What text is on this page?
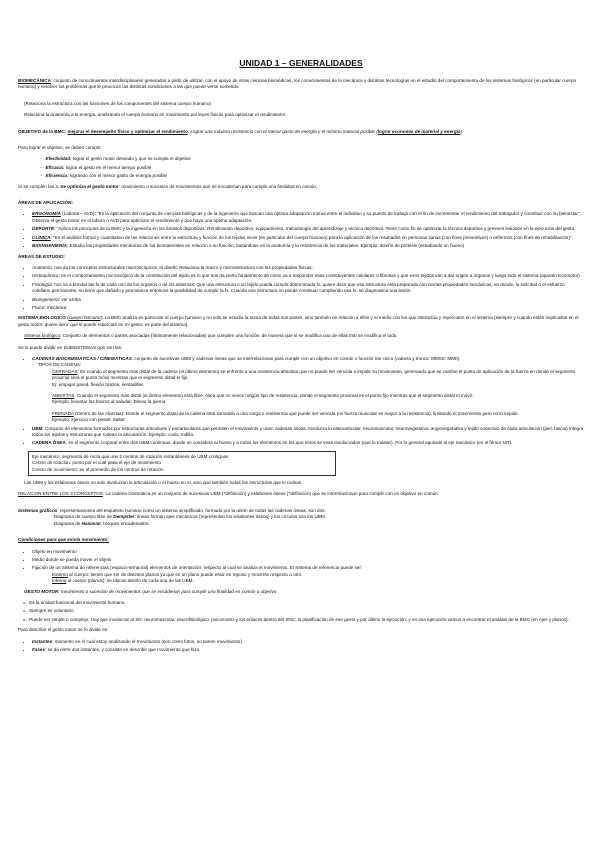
UNIDAD 1 – GENERALIDADES

BIOMECÁNICA: conjunto de conocimientos interdisciplinares generados a partir de utilizar, con el apoyo de otras ciencias biomédicas, los conocimientos de la mecánica y distintas tecnologías en el estudio del comportamiento de los sistemas biológicos (en particular cuerpo humano) y resolver los problemas que le provocan las distintas condiciones a las que puede verse sometido.

(Relaciona la estructura con las funciones de los componentes del sistema cuerpo humano)

Relaciona la anatomía a la energía, analizando el cuerpo humano en movimiento por leyes físicas para optimizar el rendimiento!

OBJETIVO de la BMC: mejorar el desempeño físico y optimizar el rendimiento: Lograr una máxima resistencia con el menor gasto de energía y el mínimo material posible (lograr economía de material y energía).

Para lograr el objetivo, se deben cumplir:

- Efectividad: lograr el gesto motor deseado y que se cumpla el objetivo
- Eficacia: lograr el gesto en el menor tiempo posible
- Eficiencia: logrando con el menor gasto de energía posible

Si se cumplen las 3, Se optimiza el gesto motor: movimiento o sucesión de movimientos que se encadenan para cumplir una finalidad en común.

ÁREAS DE APLICACIÓN:

• ERGONOMÍA (Laboral – AVD): "Es la aplicación del conjunto de ciencias biológicas y de la ingeniería que buscan una optima adaptación mutua entre el individuo y su puesto de trabajo con el fin de incrementar el rendimiento del trabajador y contribuir con su bienestar": Observa el gesto motor en el laburo o AVD para optimizar el rendimiento y que haya una optima adaptación.
• DEPORTE: "Aplica los principios de la BMC y la ingeniería en los ámbitos deportivos: Rendimiento deportivo, equipamiento, metodología del aprendizaje y técnica deportiva. Tiene como fin de optimizar la técnica deportiva y prevenir lesiones en la ejecución del gesto.
• CLÍNICA: "Es el análisis formal y cuantitativo de las relaciones entre la estructura y función de los tejidos vivos (en particular del cuerpo humano) para la aplicación de los resultados en personas sanas (con fines preventivos) o enfermos (con fines de rehabilitación)".
• BIOINGENIERÍA: Estudia las propiedades mecánicas de los biomateriales en relación a su función, basándose en la anatomía y la resistencia de los materiales. Ejemplo: diseño de prótesis (estudiando un hueso)

ÁREAS DE ESTUDIO:

• Anatomía: nos da los conceptos estructurales macroscópicos, el diseño Relaciona la macro y microestructura con las propiedades físicas.
• Histoquímica: es el comportamiento microscópico de la constitución del tejido es lo que nos da cierto fundamento de cómo va a responder esas constituyentes celulares o fibrosas y que esos tejidos van a dar origen a órganos y luego todo el sistema (aparato locomotor)
• Fisiología: nos va a brindar las fx de cada uno de los órganos o de los sistemas. Que una estructura o un tejido pueda cumplir determinada fx, quiere decir que esa estructura esta preparada con ciertas propiedades mecánicas, en donde, la solicitud o el esfuerzo cotidiano permanente, no tiene que dañarlo y permanece entonces la posibilidad de cumplir la fx. Cuando esa estructura no puede continuar cumpliendo esa fx, se diagnostica una lesión.
• Bioingeniería: ver arriba
• Física: mecánica

SISTEMA BIOLOGICO (cuerpo humano): La BMC analiza en particular al cuerpo humano y no solo se estudia la suma de todas sus partes, sino también en relación a ellos y el medio con los que interactúa y repercuten en el sistema (siempre y cuando estén implicados en el gesto motor: quiere decir que si puede repercutir en mi gesto, es parte del sistema).

Sistema biológico: Conjunto de elementos o partes asociadas (íntimamente relacionadas) que cumplen una función, de manera que si se modifica una de ellas tmb se modifica el todo.

Se lo puede dividir en SUBSISTEMAS que son las:

• CADENAS BIOCINEMÁTICAS / CINEMÁTICAS: conjunto de sucesivas UBM y cadenas óseas que se interrelacionan para cumplir con un objetivo en común o función Sin cinco (cabeza y tronco: MMSS; MMII).
TIPOS DE CADENA:
CERRADAS: Es cuando el segmento más distal de la cadena (el último elemento) se enfrenta a una resistencia absoluta que no puede ser vencida e impide su movimiento, generando que se cambie el punto de aplicación de la fuerza en donde el segmento proximal será el punto móvil mientras que el segmento distal el fijo.
Ej: empujar pared, flexión brazos, sentadillas
ABIERTAS: Cuando el segmento más distal (el último elemento) está libre, ósea que no vence ningún tipo de resistencia, donde el segmento proximal es el punto fijo mientras que el segmento distal el móvil.
Ejemplo: levantar los brazos al saludar: Elevar la pierna
FRENADA (Dentro de las Abiertas): Donde el segmento distal de la cadena está sometido a una carga o resistencia que puede ser vencida (mi fuerza muscular es mayor a la resistencia), limitando el movimiento pero no lo impide.
Ejemplo: ejercicio con pesas: Saltar
• UBM: Conjunto de elementos formados por estructuras articulares y periarticulares que permiten el movimiento y unen cadenas óseas. Involucra lo osteoarticular, neuromuscular, neurovegetativo, angiovegetativa y tejido conectivo de cada articulación (piel, fascia) Integra todos los tejidos y estructuras que rodean la articulación. Ejemplo: codo, rodilla.
• CADENA ÓSEA: es el segmento corporal entre dos UBM continuas, donde se considera al hueso y a todos los elementos en los que estos se vean involucrados (que lo rodean). Por lo general equivale al eje mecánico (en el fémur NO).
Eje mecánico: segmento de recta que une 2 centros de rotación instantáneos de UBM contiguas
Centro de rotación: punto por el cual pasa el eje de movimiento
Centro de movimiento: es el promedio de los centros de rotación.

Las UBM y los eslabones óseos no solo involucran la articulación o el hueso en sí, sino que también todas las estructuras que lo rodean.

RELACION ENTRE LOS 3 CONCEPTOS: La cadena cinemática es un conjunto de sucesivas UBM (*definición) y eslabones óseos (*definición) que se interrelacionan para cumplir con un objetivo en común.

Sistemas gráficos: representaciones del esqueleto humano como un sistema simplificado, formado por la unión de todas las cadenas óseas: son dos:
Diagrama de cuerpo libre de Dempster: líneas forman ejes mecánicos (representan los eslabones óseos) y los círculos son los UBM.
Diagrama de Hanavan: bloques encadenados.

Condiciones para que exista movimiento:

• Objeto en movimiento
• Medio donde se pueda mover el objeto
• Fijación de un Sistema de referencias (espacio-temporal) elementos de orientación: respecto al cual se analiza el movimiento. El sistema de referencia puede ser:
Externo al cuerpo: tienen que ser de distintos planos ya que en un plano puede estar en reposo y moverse respecto a otro.
Interno al cuerpo (planos): se ubican dentro de cada una de las UBM.

GESTO MOTOR: movimiento o sucesión de movimientos que se encadenan para cumplir una finalidad en común u objetivo

o Es la unidad funcional del movimiento humano.
o Siempre es voluntario
o Puede ser simple o complejo: Hay que involucrar al SN: neuromuscular, neurofisiológico, psicomotriz y los enlaces dentro del SNC: la planificación de ese gesto y por último la ejecución, y en esa ejecución vamos a encontrar el análisis de la BMC (en ejes y planos).

Para describir el gesto motor se lo divide en:

• Instantes: momento en el cual estoy analizando el movimiento (son como fotos, no tienen movimiento).
• Fases: se da entre dos instantes, y consiste en describir que movimiento que hizo.
